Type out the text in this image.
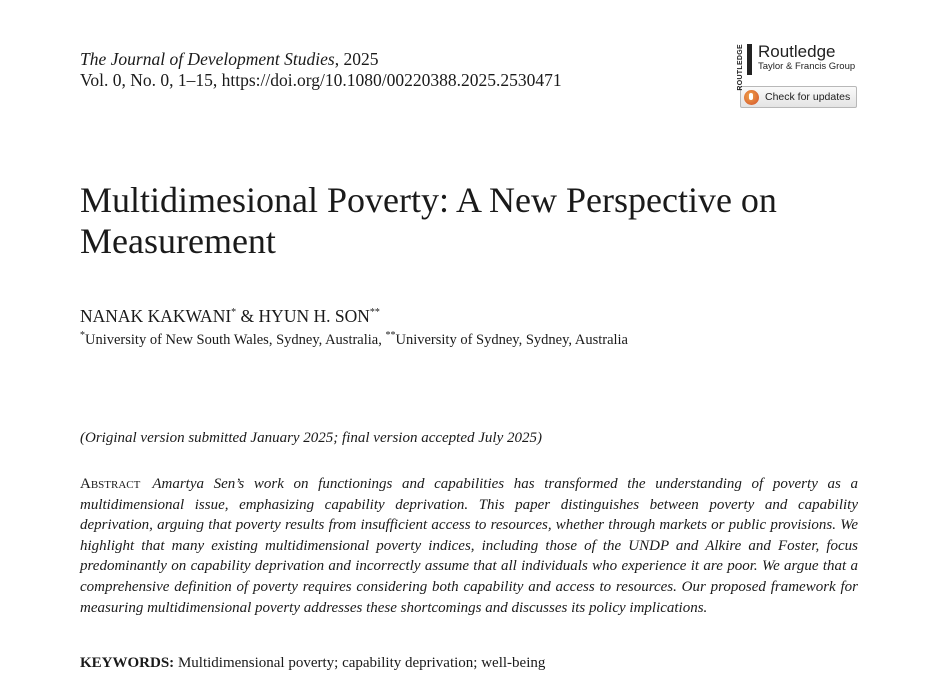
The Journal of Development Studies, 2025
Vol. 0, No. 0, 1–15, https://doi.org/10.1080/00220388.2025.2530471	ROUTLEDGE Routledge
Taylor & Francis Group
Check for updates
Multidimesional Poverty: A New Perspective on Measurement
NANAK KAKWANI* & HYUN H. SON**
*University of New South Wales, Sydney, Australia, **University of Sydney, Sydney, Australia
(Original version submitted January 2025; final version accepted July 2025)
Abstract Amartya Sen’s work on functionings and capabilities has transformed the understanding of poverty as a multidimensional issue, emphasizing capability deprivation. This paper distinguishes between poverty and capability deprivation, arguing that poverty results from insufficient access to resources, whether through markets or public provisions. We highlight that many existing multidimensional poverty indices, including those of the UNDP and Alkire and Foster, focus predominantly on capability deprivation and incorrectly assume that all individuals who experience it are poor. We argue that a comprehensive definition of poverty requires considering both capability and access to resources. Our proposed framework for measuring multidimensional poverty addresses these shortcomings and discusses its policy implications.
KEYWORDS: Multidimensional poverty; capability deprivation; well-being
